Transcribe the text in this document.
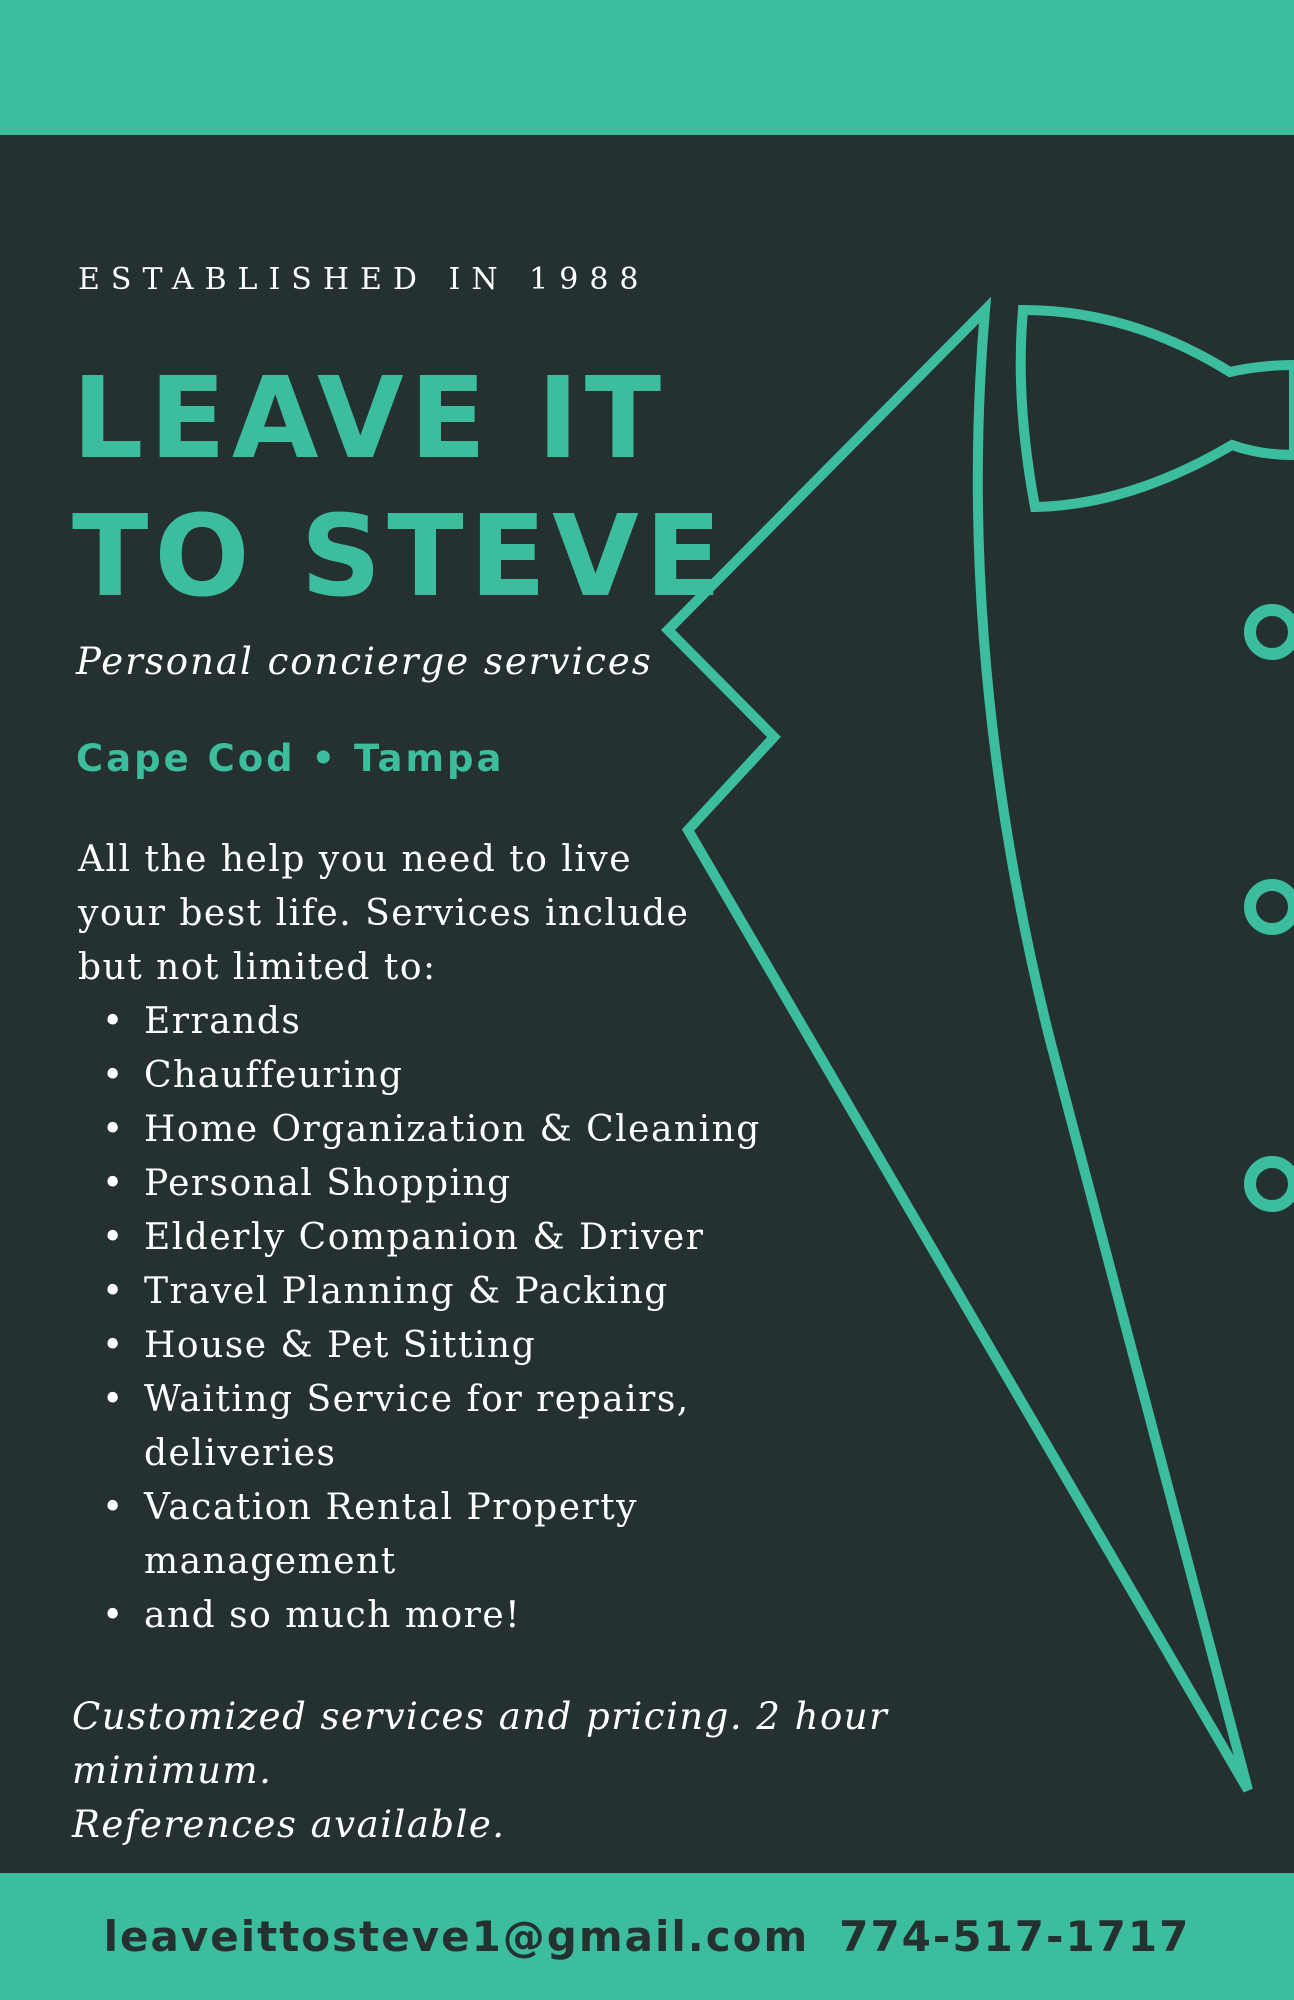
ESTABLISHED IN 1988
LEAVE IT
TO STEVE
Personal concierge services
Cape Cod • Tampa
All the help you need to live your best life. Services include but not limited to:
• Errands
• Chauffeuring
• Home Organization & Cleaning
• Personal Shopping
• Elderly Companion & Driver
• Travel Planning & Packing
• House & Pet Sitting
• Waiting Service for repairs, deliveries
• Vacation Rental Property management
• and so much more!
Customized services and pricing. 2 hour minimum.
References available.
leaveittosteve1@gmail.com 774-517-1717
